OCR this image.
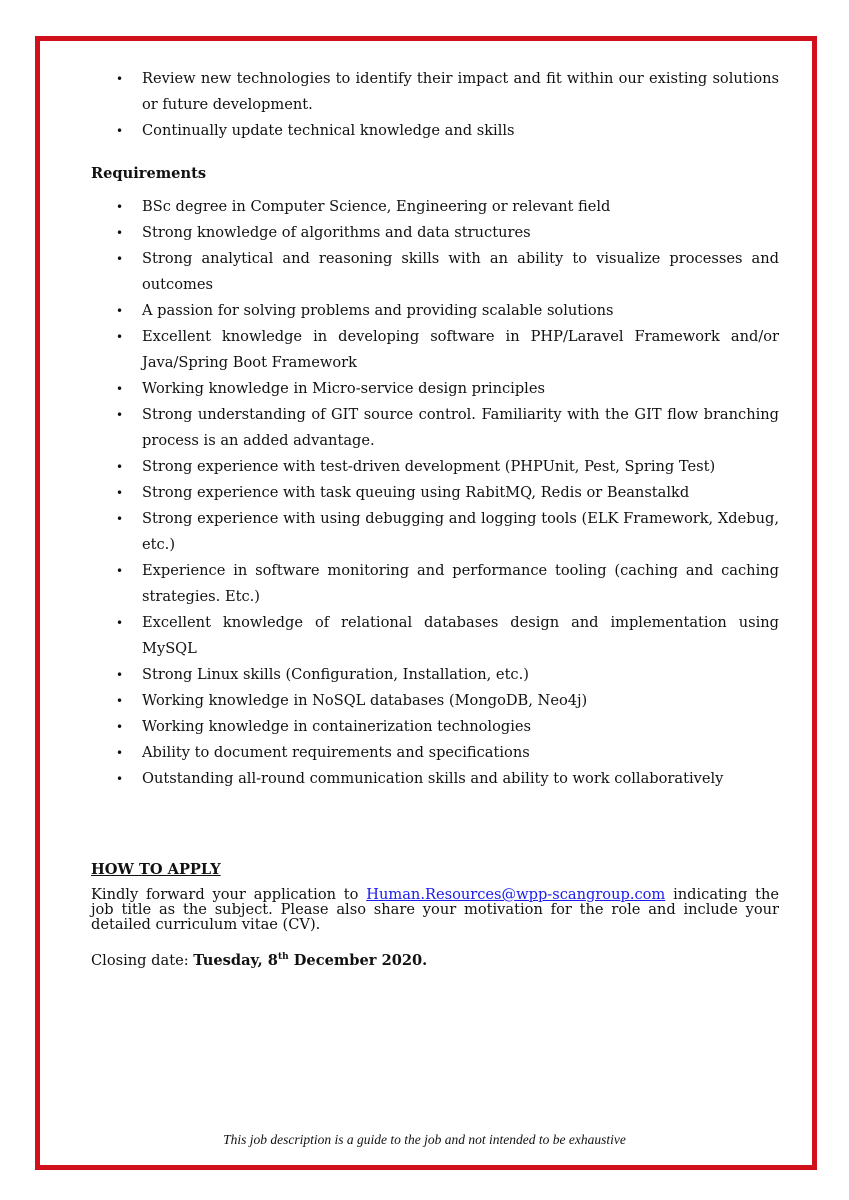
• Review new technologies to identify their impact and fit within our existing solutions or future development.
• Continually update technical knowledge and skills
Requirements
• BSc degree in Computer Science, Engineering or relevant field
• Strong knowledge of algorithms and data structures
• Strong analytical and reasoning skills with an ability to visualize processes and outcomes
• A passion for solving problems and providing scalable solutions
• Excellent knowledge in developing software in PHP/Laravel Framework and/or Java/Spring Boot Framework
• Working knowledge in Micro-service design principles
• Strong understanding of GIT source control. Familiarity with the GIT flow branching process is an added advantage.
• Strong experience with test-driven development (PHPUnit, Pest, Spring Test)
• Strong experience with task queuing using RabitMQ, Redis or Beanstalkd
• Strong experience with using debugging and logging tools (ELK Framework, Xdebug, etc.)
• Experience in software monitoring and performance tooling (caching and caching strategies. Etc.)
• Excellent knowledge of relational databases design and implementation using MySQL
• Strong Linux skills (Configuration, Installation, etc.)
• Working knowledge in NoSQL databases (MongoDB, Neo4j)
• Working knowledge in containerization technologies
• Ability to document requirements and specifications
• Outstanding all-round communication skills and ability to work collaboratively
HOW TO APPLY
Kindly forward your application to Human.Resources@wpp-scangroup.com indicating the job title as the subject. Please also share your motivation for the role and include your detailed curriculum vitae (CV).
Closing date: Tuesday, 8th December 2020.
This job description is a guide to the job and not intended to be exhaustive
